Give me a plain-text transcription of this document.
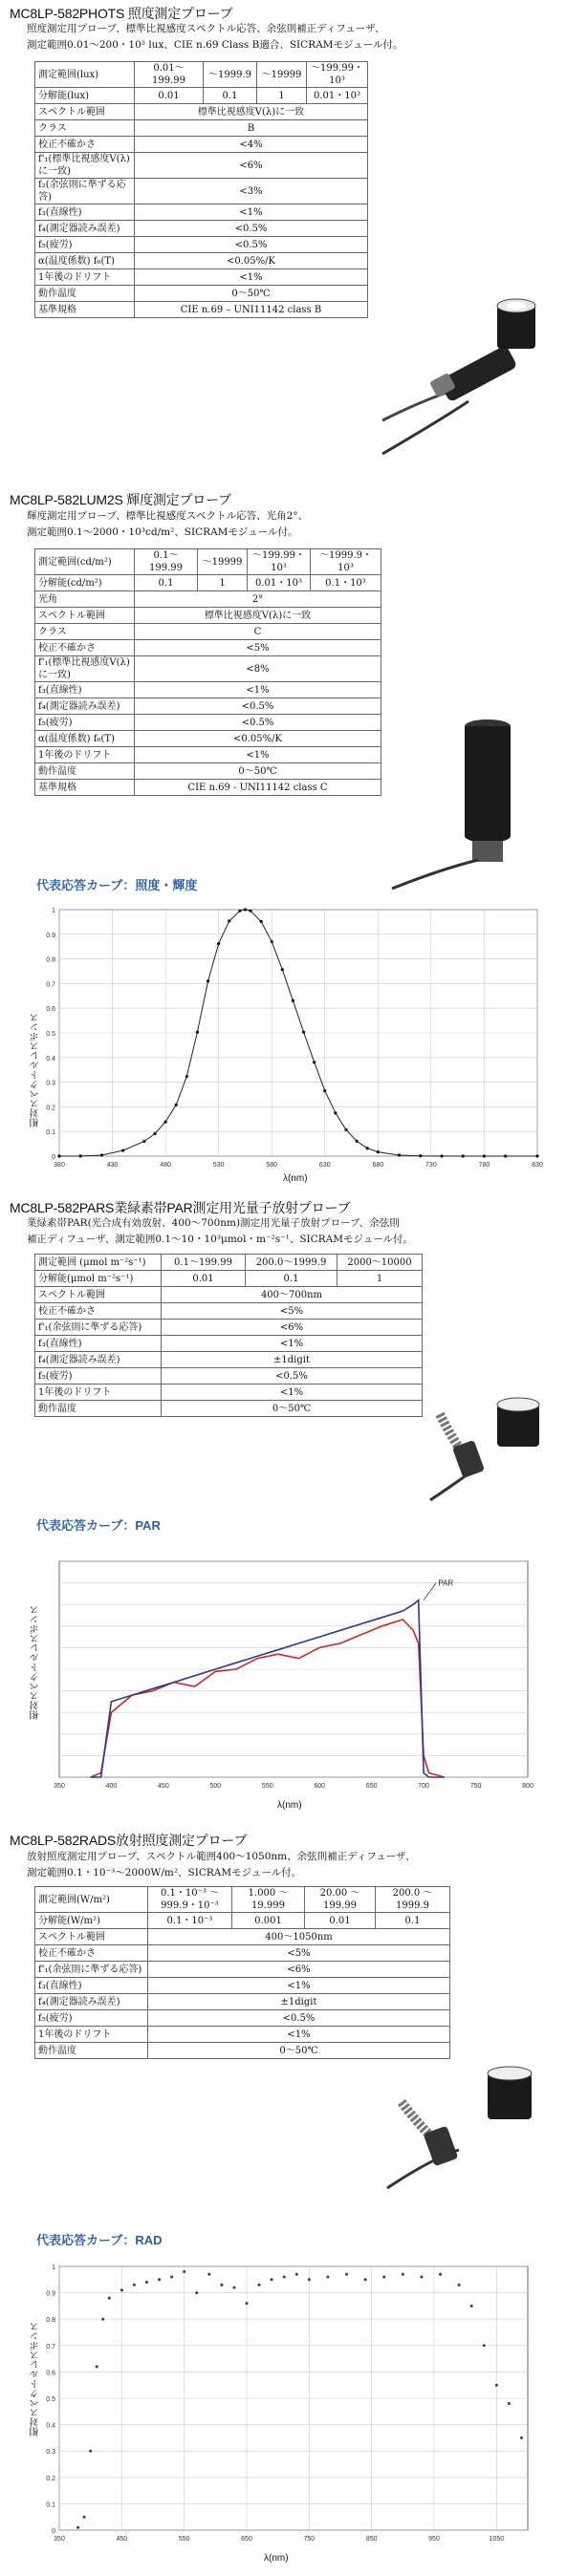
MC8LP-582PHOTS 照度測定プローブ
照度測定用プローブ、標準比視感度スペクトル応答、余弦則補正ディフューザ、
測定範囲0.01～200・10³ lux、CIE n.69 Class B適合、SICRAMモジュール付。
測定範囲(lux)	0.01～199.99	～1999.9	～19999	～199.99・10³
分解能(lux)	0.01	0.1	1	0.01・10³
スペクトル範囲	標準比視感度V(λ)に一致			
クラス	B			
校正不確かさ	<4%			
f'₁(標準比視感度V(λ)に一致)	<6%			
f₂(余弦則に準ずる応答)	<3%			
f₃(直線性)	<1%			
f₄(測定器読み誤差)	<0.5%			
f₅(疲労)	<0.5%			
α(温度係数) f₆(T)	<0.05%/K			
1年後のドリフト	<1%			
動作温度	0～50℃			
基準規格	CIE n.69 – UNI11142 class B			
MC8LP-582LUM2S 輝度測定プローブ
輝度測定用プローブ、標準比視感度スペクトル応答、光角2°、
測定範囲0.1～2000・10³cd/m²、SICRAMモジュール付。
測定範囲(cd/m²)	0.1～199.99	～19999	～199.99・10³	～1999.9・10³
分解能(cd/m²)	0.1	1	0.01・10³	0.1・10³
光角	2°			
スペクトル範囲	標準比視感度V(λ)に一致			
クラス	C			
校正不確かさ	<5%			
f'₁(標準比視感度V(λ)に一致)	<8%			
f₃(直線性)	<1%			
f₄(測定器読み誤差)	<0.5%			
f₅(疲労)	<0.5%			
α(温度係数) f₆(T)	<0.05%/K			
1年後のドリフト	<1%			
動作温度	0～50℃			
基準規格	CIE n.69 - UNI11142 class C			
代表応答カーブ：照度・輝度
相対スペクトルレスポンス
0
0.1
0.2
0.3
0.4
0.5
0.6
0.7
0.8
0.9
1
380	430	480	530	580	630	680	730	780	830
λ(nm)
MC8LP-582PARS業緑素帯PAR測定用光量子放射プローブ
業緑素帯PAR(光合成有効放射、400～700nm)測定用光量子放射プローブ、余弦則
補正ディフューザ、測定範囲0.1～10・10³μmol・m⁻²s⁻¹、SICRAMモジュール付。
測定範囲 (μmol m⁻²s⁻¹)	0.1～199.99	200.0～1999.9	2000～10000
分解能(μmol m⁻²s⁻¹)	0.01	0.1	1
スペクトル範囲	400～700nm		
校正不確かさ	<5%		
f'₁(余弦則に準ずる応答)	<6%		
f₃(直線性)	<1%		
f₄(測定器読み誤差)	±1digit		
f₅(疲労)	<0.5%		
1年後のドリフト	<1%		
動作温度	0～50℃		
代表応答カーブ：PAR
相対スペクトルレスポンス
350	400	450	500	550	600	650	700	750	800
PAR
λ(nm)
MC8LP-582RADS放射照度測定プローブ
放射照度測定用プローブ、スペクトル範囲400～1050nm、余弦則補正ディフューザ、
測定範囲0.1・10⁻³～2000W/m²、SICRAMモジュール付。
測定範囲(W/m²)	0.1・10⁻³ ～999.9・10⁻³	1.000 ～19.999	20.00 ～199.99	200.0 ～1999.9
分解能(W/m²)	0.1・10⁻³	0.001	0.01	0.1
スペクトル範囲	400～1050nm			
校正不確かさ	<5%			
f'₁(余弦則に準ずる応答)	<6%			
f₃(直線性)	<1%			
f₄(測定器読み誤差)	±1digit			
f₅(疲労)	<0.5%			
1年後のドリフト	<1%			
動作温度	0～50℃			
代表応答カーブ：RAD
相対スペクトルレスポンス
0
0.1
0.2
0.3
0.4
0.5
0.6
0.7
0.8
0.9
1
350	450	550	650	750	850	950	1050
λ(nm)
